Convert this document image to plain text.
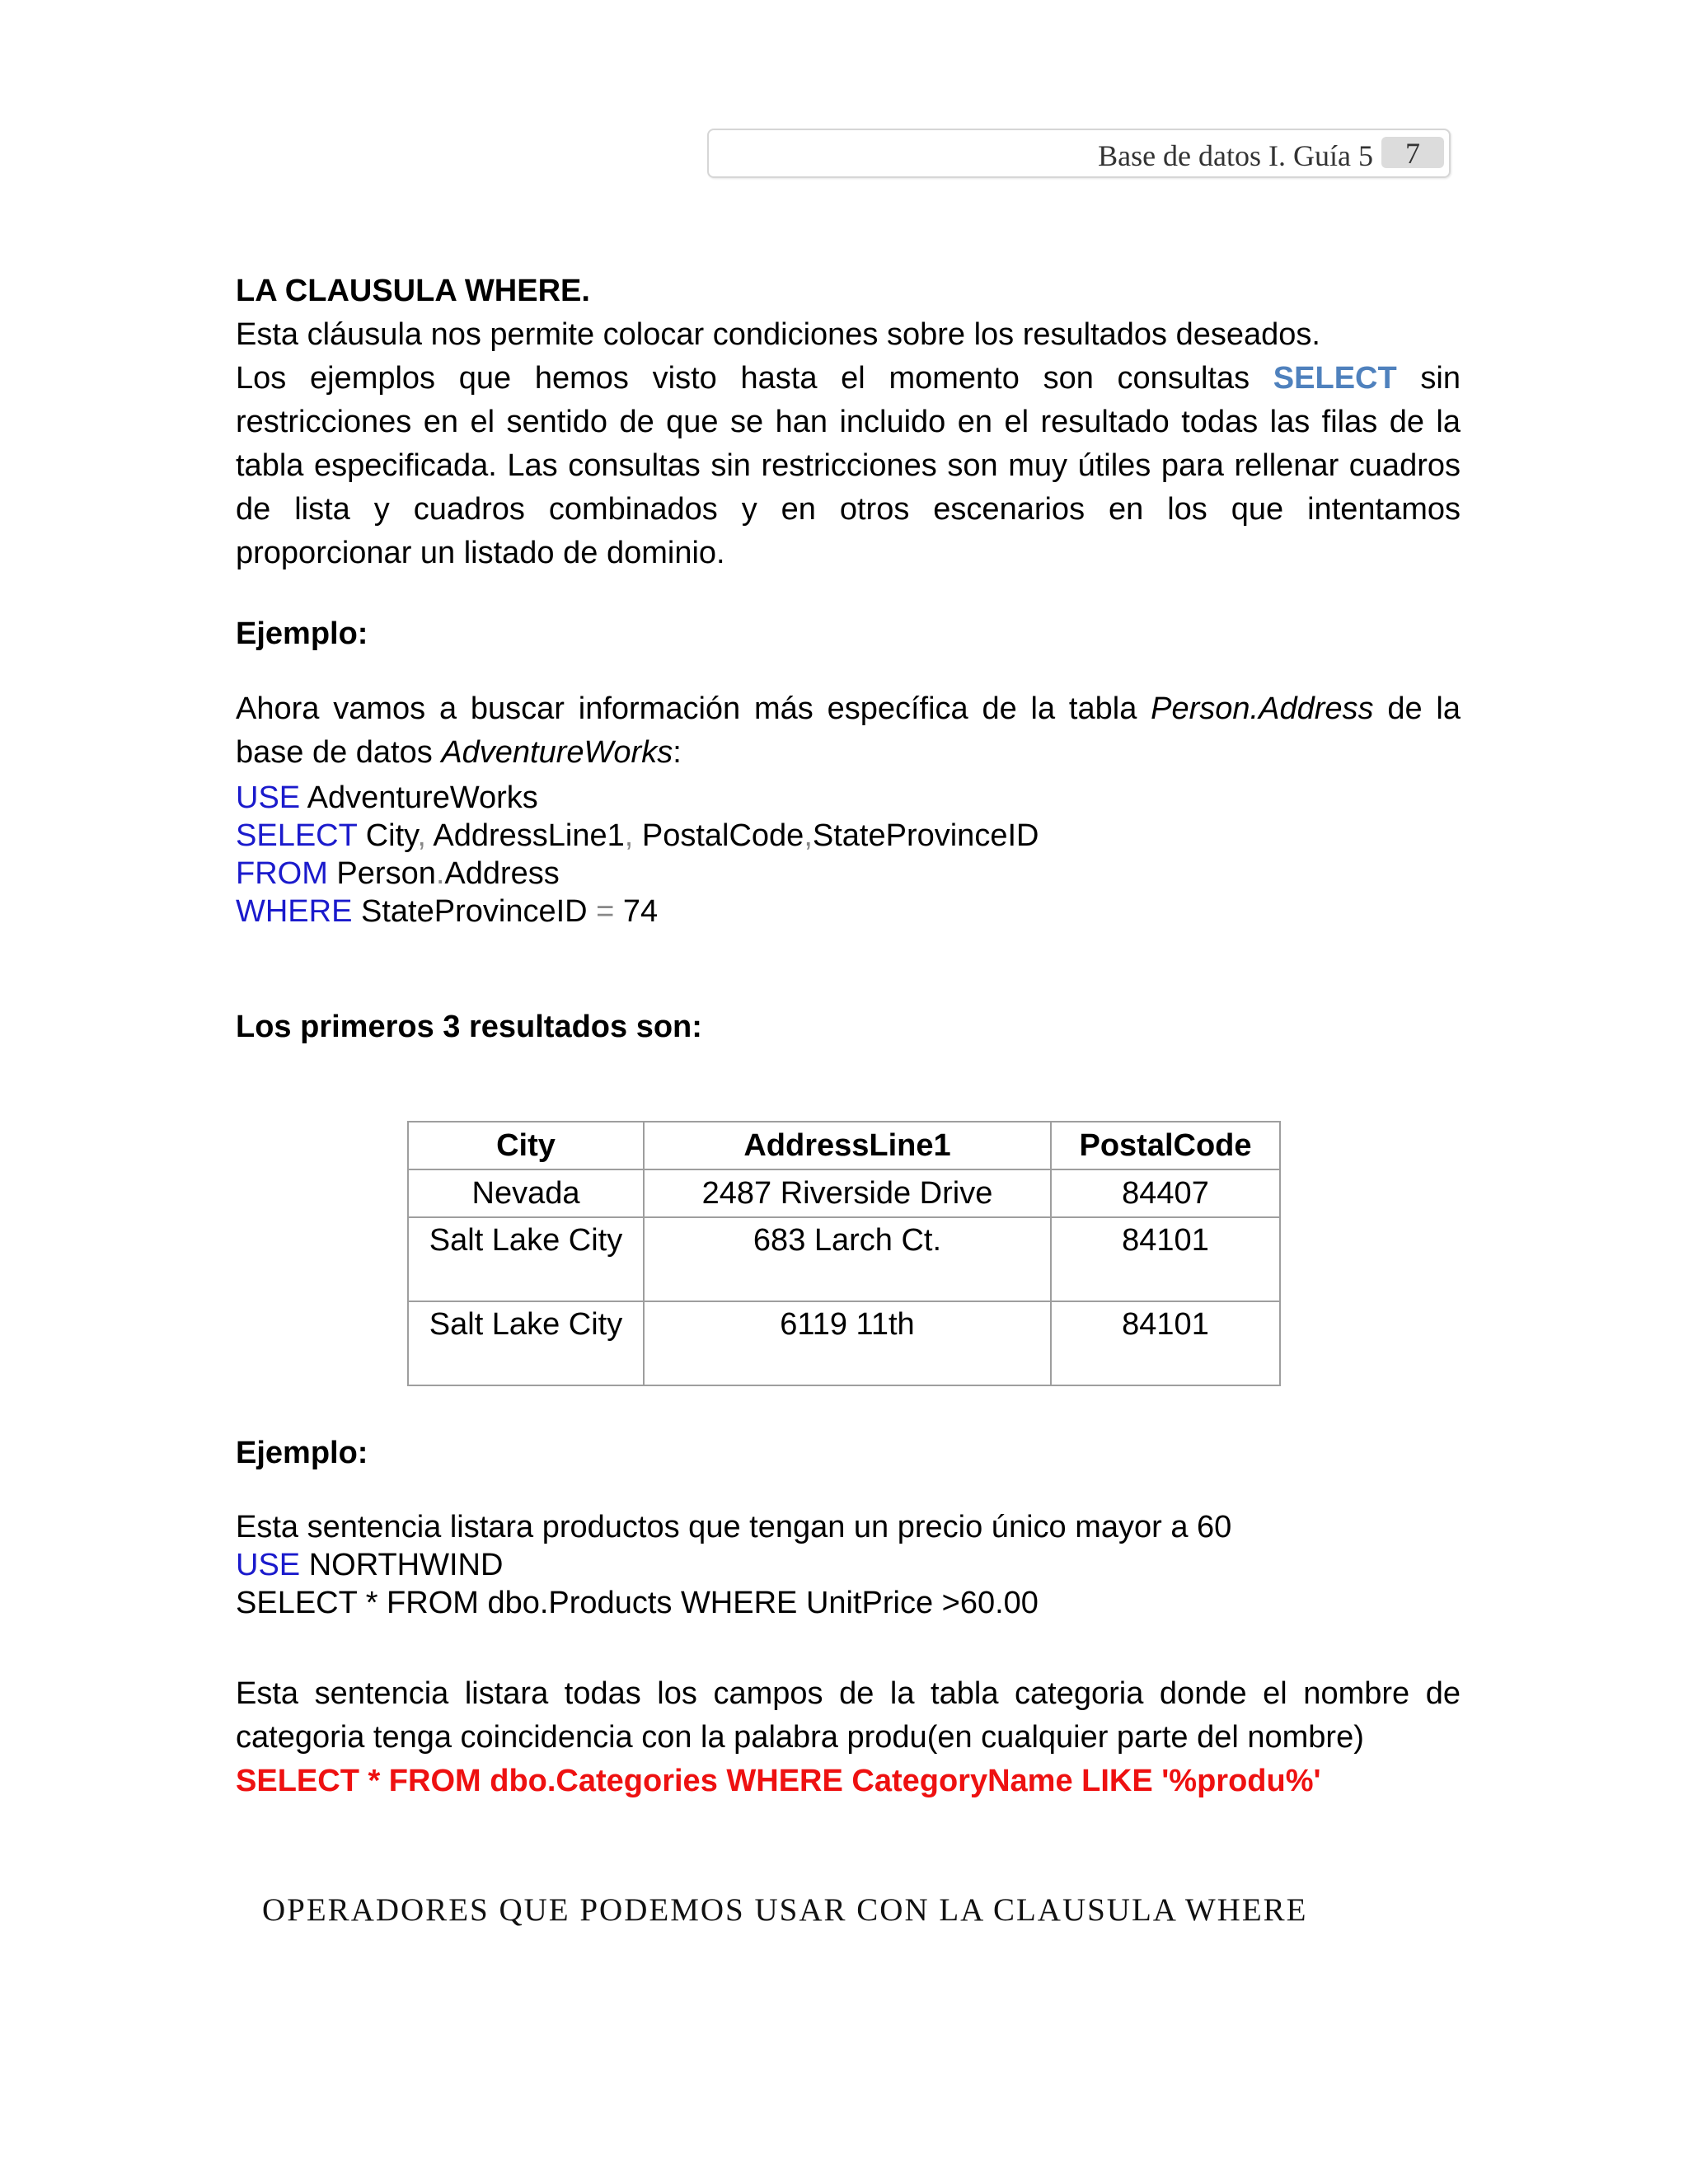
Base de datos I. Guía 5	7
LA CLAUSULA WHERE.
Esta cláusula nos permite colocar condiciones sobre los resultados deseados.
Los ejemplos que hemos visto hasta el momento son consultas SELECT sin restricciones en el sentido de que se han incluido en el resultado todas las filas de la tabla especificada. Las consultas sin restricciones son muy útiles para rellenar cuadros de lista y cuadros combinados y en otros escenarios en los que intentamos proporcionar un listado de dominio.
Ejemplo:
Ahora vamos a buscar información más específica de la tabla Person.Address de la base de datos AdventureWorks:
USE AdventureWorks
SELECT City, AddressLine1, PostalCode,StateProvinceID
FROM Person.Address
WHERE StateProvinceID = 74
Los primeros 3 resultados son:
City	AddressLine1	PostalCode
Nevada	2487 Riverside Drive	84407
Salt Lake City	683 Larch Ct.	84101
Salt Lake City	6119 11th	84101
Ejemplo:
Esta sentencia listara productos que tengan un precio único mayor a 60
USE NORTHWIND
SELECT * FROM dbo.Products WHERE UnitPrice >60.00
Esta sentencia listara todas los campos de la tabla categoria donde el nombre de categoria tenga coincidencia con la palabra produ(en cualquier parte del nombre)
SELECT * FROM dbo.Categories WHERE CategoryName LIKE '%produ%'
OPERADORES QUE PODEMOS USAR CON LA CLAUSULA WHERE
